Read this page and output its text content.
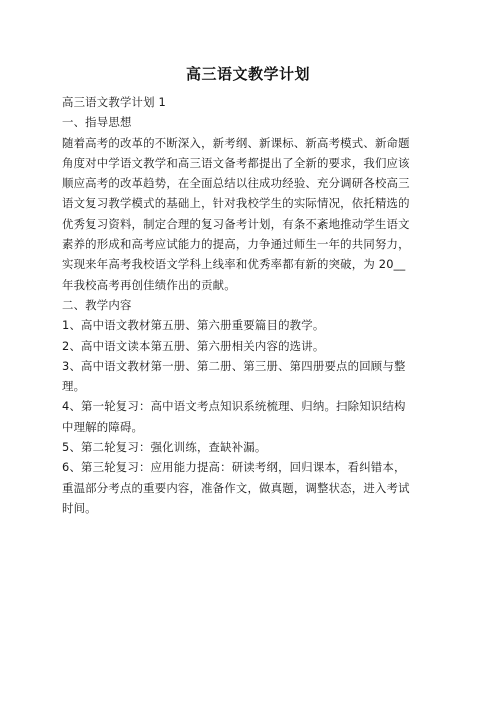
高三语文教学计划
高三语文教学计划 1
一、指导思想
随着高考的改革的不断深入，新考纲、新课标、新高考模式、新命题
角度对中学语文教学和高三语文备考都提出了全新的要求，我们应该
顺应高考的改革趋势，在全面总结以往成功经验、充分调研各校高三
语文复习教学模式的基础上，针对我校学生的实际情况，依托精选的
优秀复习资料，制定合理的复习备考计划，有条不紊地推动学生语文
素养的形成和高考应试能力的提高，力争通过师生一年的共同努力，
实现来年高考我校语文学科上线率和优秀率都有新的突破，为 20__
年我校高考再创佳绩作出的贡献。
二、教学内容
1、高中语文教材第五册、第六册重要篇目的教学。
2、高中语文读本第五册、第六册相关内容的选讲。
3、高中语文教材第一册、第二册、第三册、第四册要点的回顾与整
理。
4、第一轮复习：高中语文考点知识系统梳理、归纳。扫除知识结构
中理解的障碍。
5、第二轮复习：强化训练，查缺补漏。
6、第三轮复习：应用能力提高：研读考纲，回归课本，看纠错本，
重温部分考点的重要内容，准备作文，做真题，调整状态，进入考试
时间。
